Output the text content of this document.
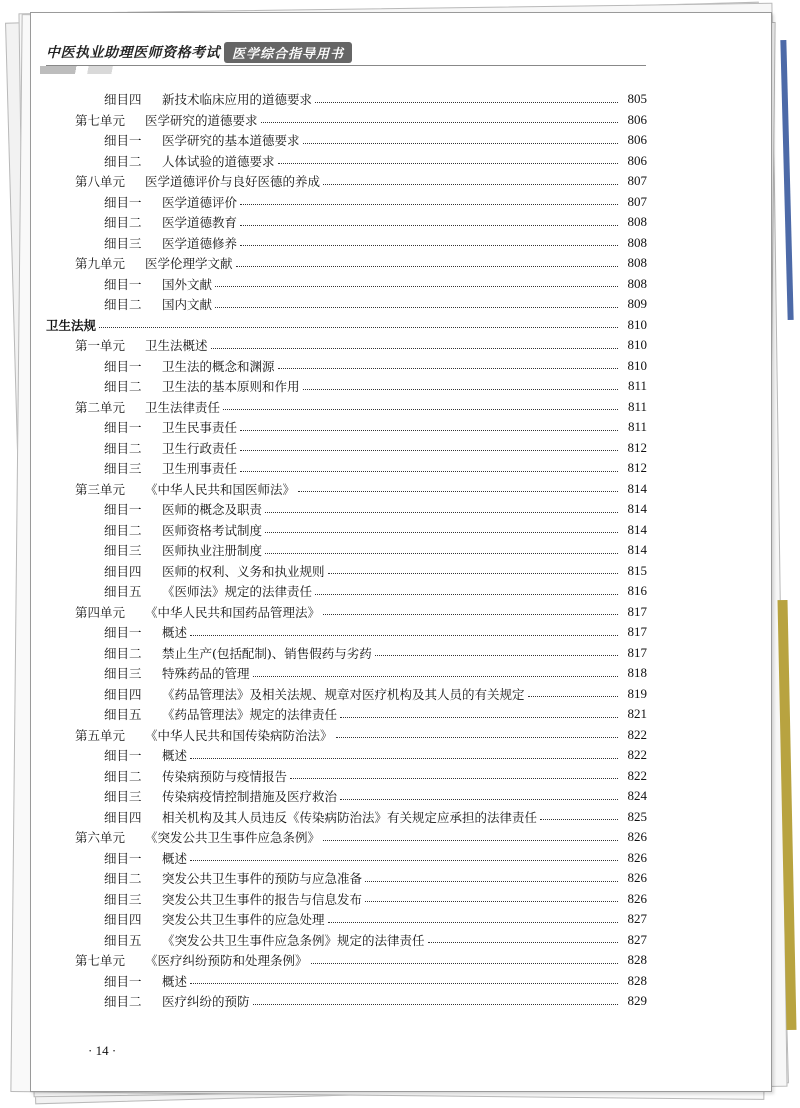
中医执业助理医师资格考试 医学综合指导用书
细目四	新技术临床应用的道德要求	805
第七单元	医学研究的道德要求	806
细目一	医学研究的基本道德要求	806
细目二	人体试验的道德要求	806
第八单元	医学道德评价与良好医德的养成	807
细目一	医学道德评价	807
细目二	医学道德教育	808
细目三	医学道德修养	808
第九单元	医学伦理学文献	808
细目一	国外文献	808
细目二	国内文献	809
卫生法规	810
第一单元	卫生法概述	810
细目一	卫生法的概念和渊源	810
细目二	卫生法的基本原则和作用	811
第二单元	卫生法律责任	811
细目一	卫生民事责任	811
细目二	卫生行政责任	812
细目三	卫生刑事责任	812
第三单元	《中华人民共和国医师法》	814
细目一	医师的概念及职责	814
细目二	医师资格考试制度	814
细目三	医师执业注册制度	814
细目四	医师的权利、义务和执业规则	815
细目五	《医师法》规定的法律责任	816
第四单元	《中华人民共和国药品管理法》	817
细目一	概述	817
细目二	禁止生产(包括配制)、销售假药与劣药	817
细目三	特殊药品的管理	818
细目四	《药品管理法》及相关法规、规章对医疗机构及其人员的有关规定	819
细目五	《药品管理法》规定的法律责任	821
第五单元	《中华人民共和国传染病防治法》	822
细目一	概述	822
细目二	传染病预防与疫情报告	822
细目三	传染病疫情控制措施及医疗救治	824
细目四	相关机构及其人员违反《传染病防治法》有关规定应承担的法律责任	825
第六单元	《突发公共卫生事件应急条例》	826
细目一	概述	826
细目二	突发公共卫生事件的预防与应急准备	826
细目三	突发公共卫生事件的报告与信息发布	826
细目四	突发公共卫生事件的应急处理	827
细目五	《突发公共卫生事件应急条例》规定的法律责任	827
第七单元	《医疗纠纷预防和处理条例》	828
细目一	概述	828
细目二	医疗纠纷的预防	829
· 14 ·
